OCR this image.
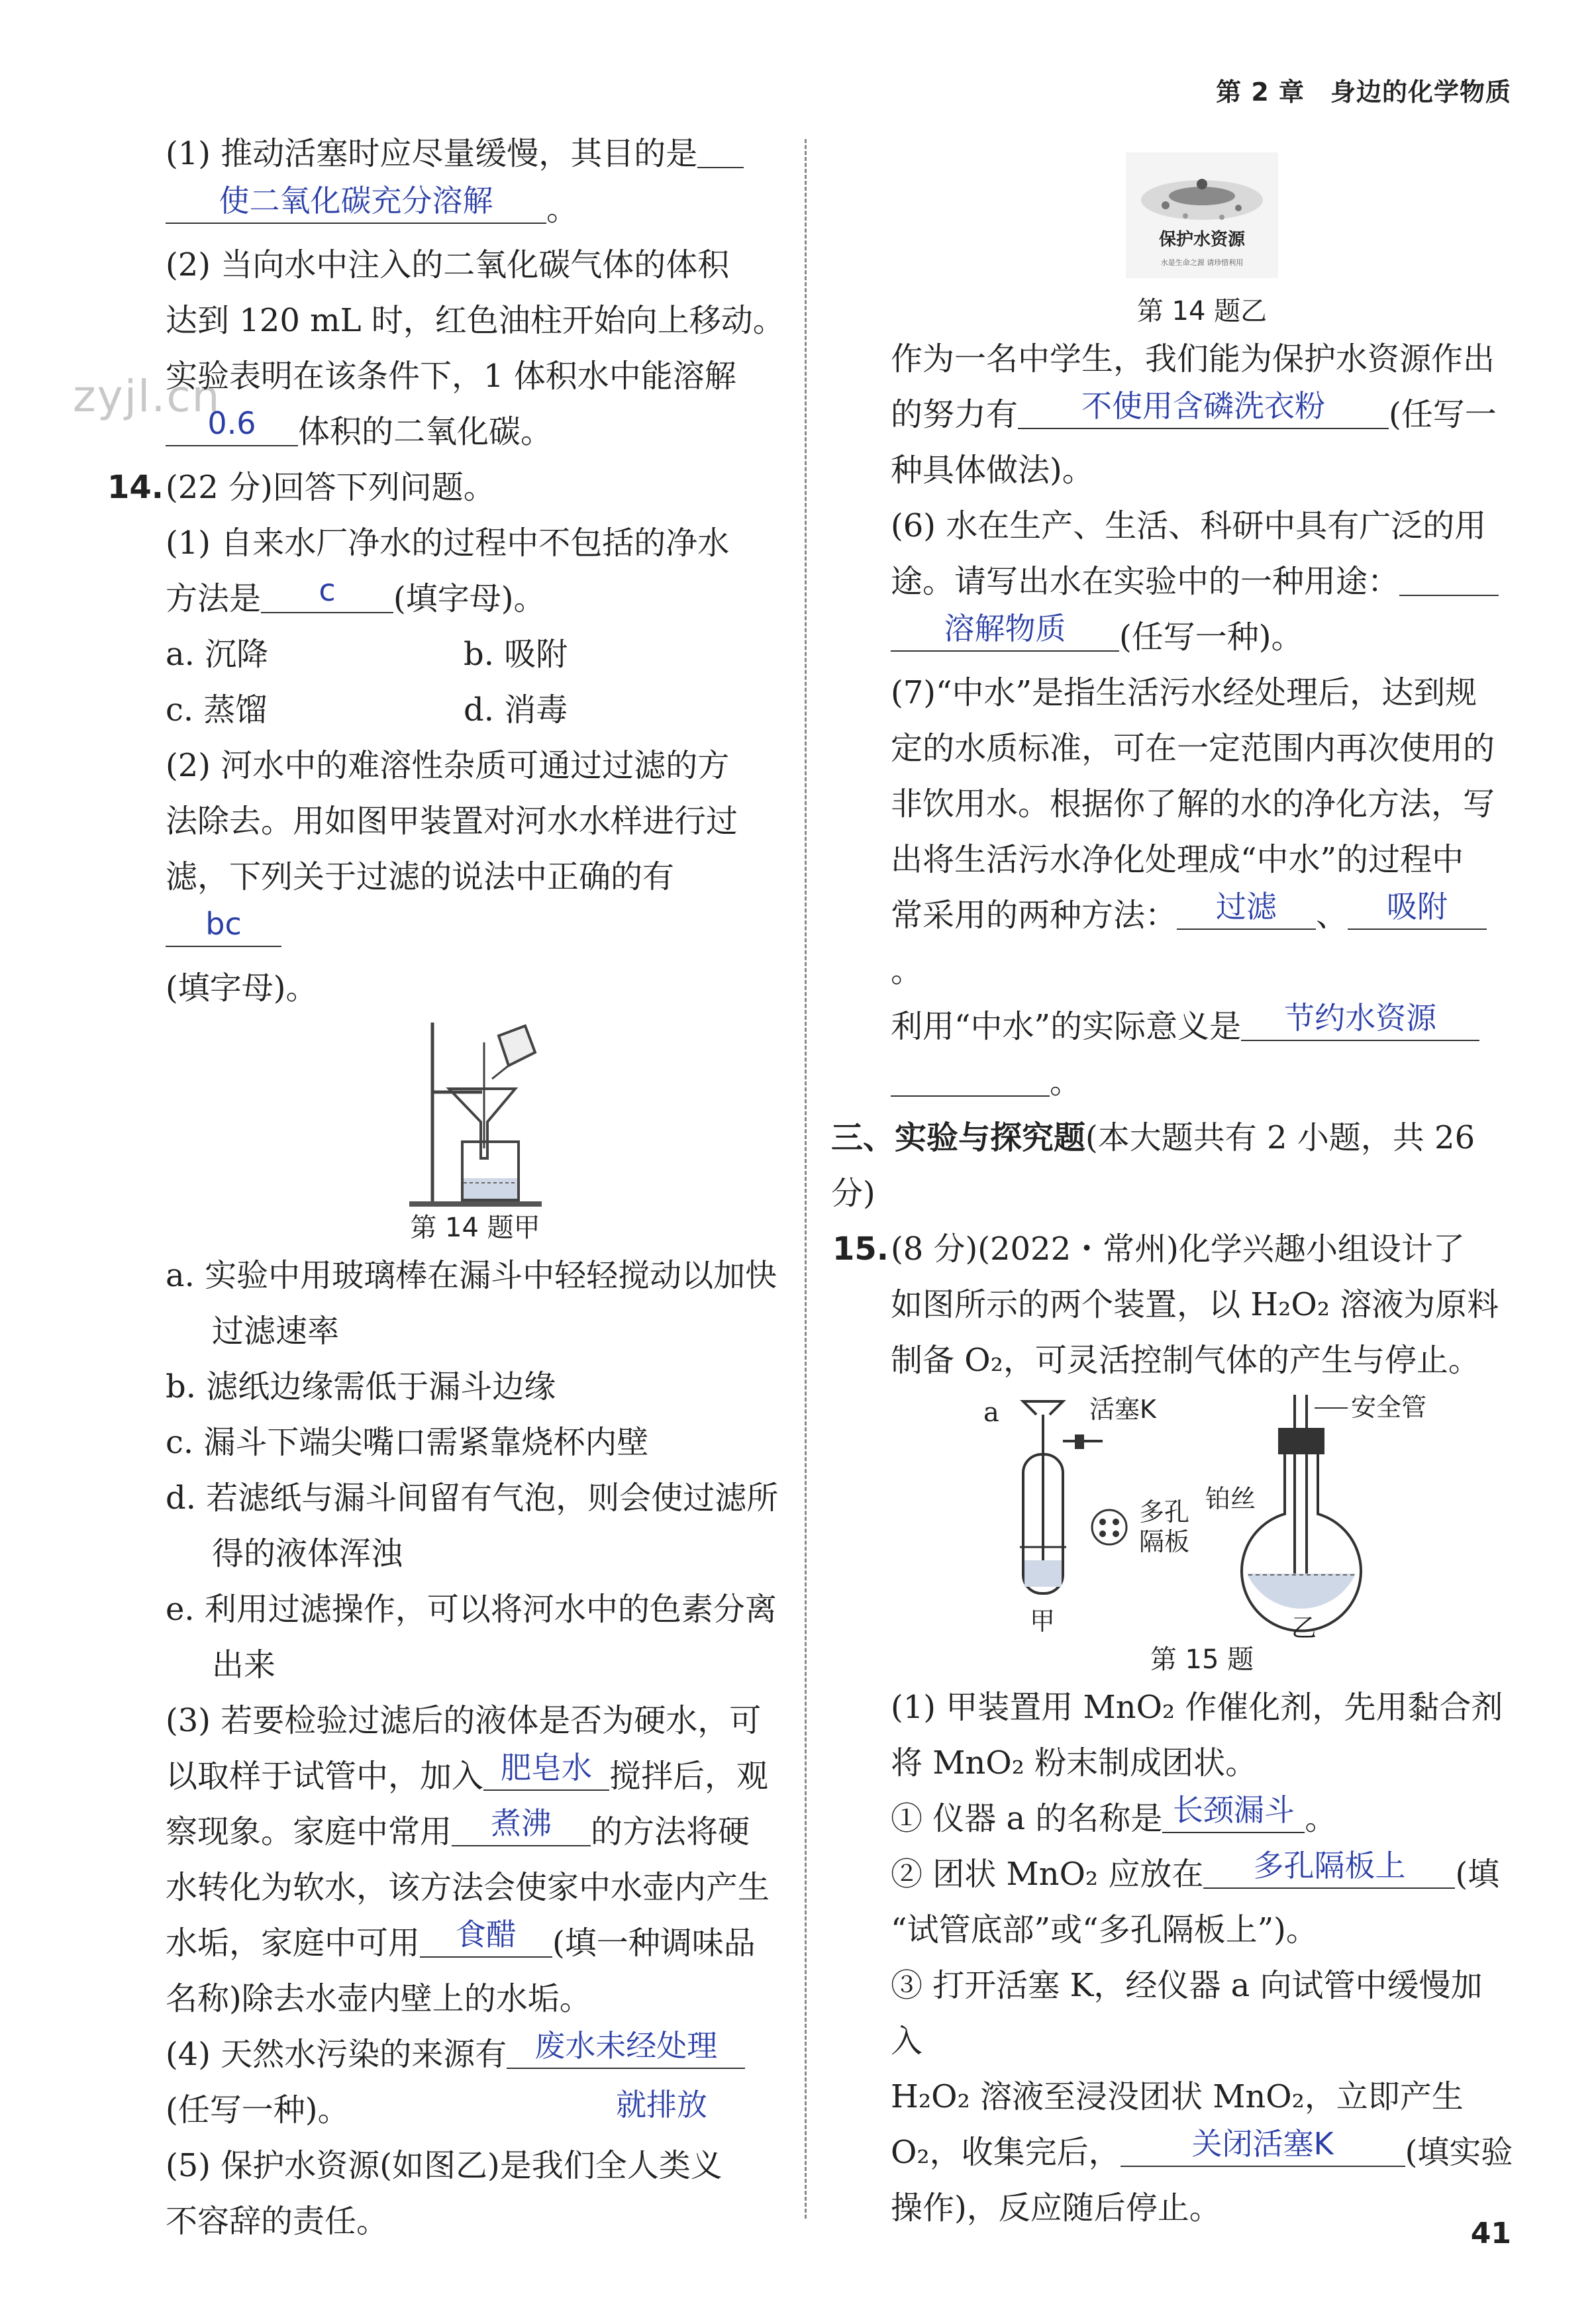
第 2 章　身边的化学物质
zyjl.cn

(1) 推动活塞时应尽量缓慢，其目的是

使二氧化碳充分溶解	。

(2) 当向水中注入的二氧化碳气体的体积

达到 120 mL 时，红色油柱开始向上移动。

实验表明在该条件下，1 体积水中能溶解

0.6	体积的二氧化碳。

14. (22 分)回答下列问题。

(1) 自来水厂净水的过程中不包括的净水

方法是	c	(填字母)。

a. 沉降	b. 吸附
c. 蒸馏	d. 消毒

(2) 河水中的难溶性杂质可通过过滤的方

法除去。用如图甲装置对河水水样进行过

滤，下列关于过滤的说法中正确的有
bc

(填字母)。

第 14 题甲

a. 实验中用玻璃棒在漏斗中轻轻搅动以加快过滤速率

b. 滤纸边缘需低于漏斗边缘

c. 漏斗下端尖嘴口需紧靠烧杯内壁

d. 若滤纸与漏斗间留有气泡，则会使过滤所得的液体浑浊

e. 利用过滤操作，可以将河水中的色素分离出来

(3) 若要检验过滤后的液体是否为硬水，可

以取样于试管中，加入 肥皂水 搅拌后，观

察现象。家庭中常用	煮沸	的方法将硬

水转化为软水，该方法会使家中水壶内产生

水垢，家庭中可用	食醋	(填一种调味品

名称)除去水壶内壁上的水垢。

(4) 天然水污染的来源有 废水未经处理

(任写一种)。	就排放

(5) 保护水资源(如图乙)是我们全人类义

不容辞的责任。

保护水资源
水是生命之源 请珍惜利用

第 14 题乙

作为一名中学生，我们能为保护水资源作出

的努力有	不使用含磷洗衣粉	(任写一

种具体做法)。

(6) 水在生产、生活、科研中具有广泛的用

途。请写出水在实验中的一种用途：

溶解物质	(任写一种)。

(7)“中水”是指生活污水经处理后，达到规

定的水质标准，可在一定范围内再次使用的

非饮用水。根据你了解的水的净化方法，写

出将生活污水净化处理成“中水”的过程中

常采用的两种方法：	过滤	、	吸附
。

利用“中水”的实际意义是	节约水资源

。

三、实验与探究题(本大题共有 2 小题，共 26 分)

15. (8 分)(2022・常州)化学兴趣小组设计了

如图所示的两个装置，以 H₂O₂ 溶液为原料

制备 O₂，可灵活控制气体的产生与停止。

a	活塞K
多孔
隔板
甲
安全管
铂丝
乙

第 15 题

(1) 甲装置用 MnO₂ 作催化剂，先用黏合剂

将 MnO₂ 粉末制成团状。

① 仪器 a 的名称是 长颈漏斗 。

② 团状 MnO₂ 应放在	多孔隔板上	(填

“试管底部”或“多孔隔板上”)。

③ 打开活塞 K，经仪器 a 向试管中缓慢加入

H₂O₂ 溶液至浸没团状 MnO₂，立即产生

O₂，收集完后，	关闭活塞K	(填实验

操作)，反应随后停止。

41
